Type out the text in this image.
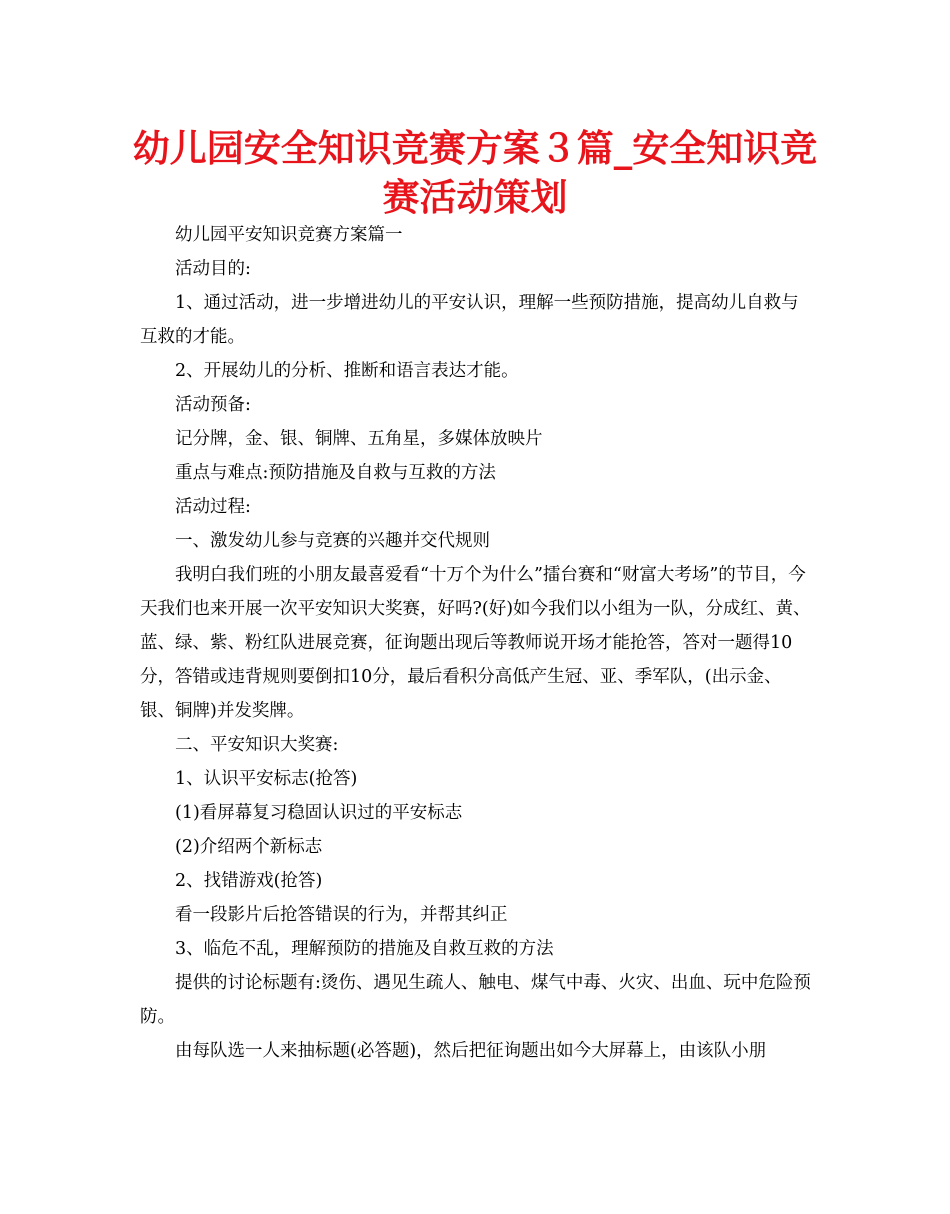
幼儿园安全知识竞赛方案３篇_安全知识竞
赛活动策划

幼儿园平安知识竞赛方案篇一

活动目的:

1、通过活动，进一步增进幼儿的平安认识，理解一些预防措施，提高幼儿自救与互救的才能。

2、开展幼儿的分析、推断和语言表达才能。

活动预备:

记分牌，金、银、铜牌、五角星，多媒体放映片

重点与难点:预防措施及自救与互救的方法

活动过程:

一、激发幼儿参与竞赛的兴趣并交代规则

我明白我们班的小朋友最喜爱看“十万个为什么”擂台赛和“财富大考场”的节目，今天我们也来开展一次平安知识大奖赛，好吗?(好)如今我们以小组为一队，分成红、黄、蓝、绿、紫、粉红队进展竞赛，征询题出现后等教师说开场才能抢答，答对一题得10分，答错或违背规则要倒扣10分，最后看积分高低产生冠、亚、季军队，(出示金、银、铜牌)并发奖牌。

二、平安知识大奖赛:

1、认识平安标志(抢答)

(1)看屏幕复习稳固认识过的平安标志

(2)介绍两个新标志

2、找错游戏(抢答)

看一段影片后抢答错误的行为，并帮其纠正

3、临危不乱，理解预防的措施及自救互救的方法

提供的讨论标题有:烫伤、遇见生疏人、触电、煤气中毒、火灾、出血、玩中危险预防。

由每队选一人来抽标题(必答题)，然后把征询题出如今大屏幕上，由该队小朋
